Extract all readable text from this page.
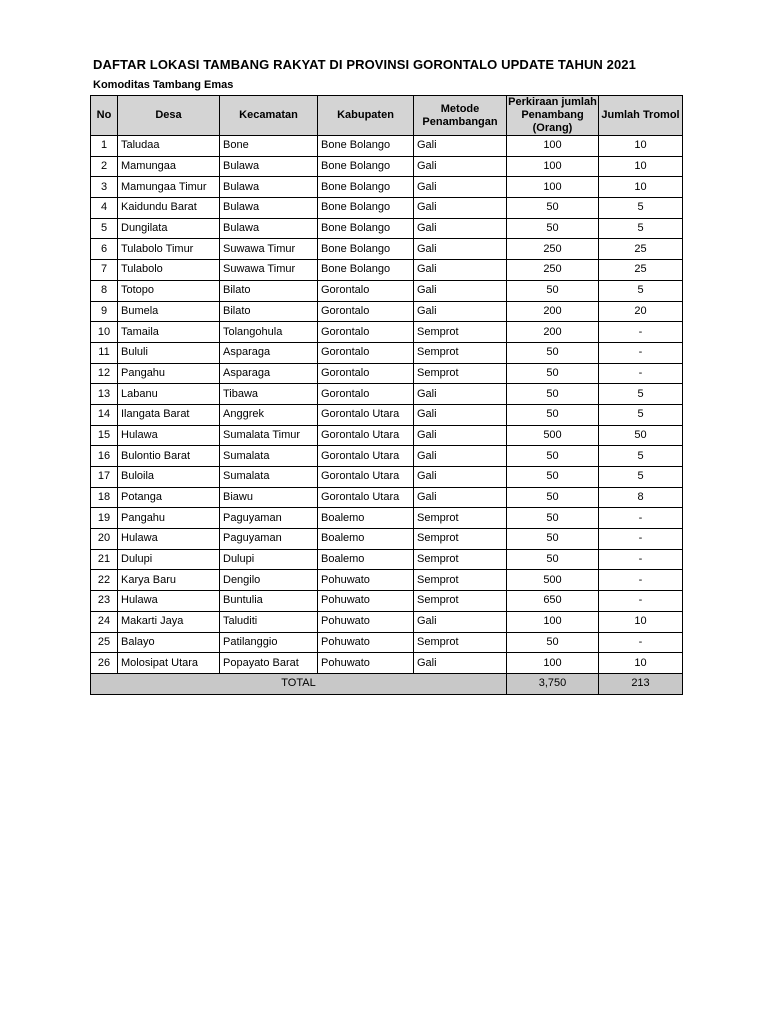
DAFTAR LOKASI TAMBANG RAKYAT DI PROVINSI GORONTALO UPDATE TAHUN 2021
Komoditas Tambang Emas
No	Desa	Kecamatan	Kabupaten	Metode Penambangan	Perkiraan jumlah Penambang (Orang)	Jumlah Tromol
1	Taludaa	Bone	Bone Bolango	Gali	100	10
2	Mamungaa	Bulawa	Bone Bolango	Gali	100	10
3	Mamungaa Timur	Bulawa	Bone Bolango	Gali	100	10
4	Kaidundu Barat	Bulawa	Bone Bolango	Gali	50	5
5	Dungilata	Bulawa	Bone Bolango	Gali	50	5
6	Tulabolo Timur	Suwawa Timur	Bone Bolango	Gali	250	25
7	Tulabolo	Suwawa Timur	Bone Bolango	Gali	250	25
8	Totopo	Bilato	Gorontalo	Gali	50	5
9	Bumela	Bilato	Gorontalo	Gali	200	20
10	Tamaila	Tolangohula	Gorontalo	Semprot	200	-
11	Bululi	Asparaga	Gorontalo	Semprot	50	-
12	Pangahu	Asparaga	Gorontalo	Semprot	50	-
13	Labanu	Tibawa	Gorontalo	Gali	50	5
14	Ilangata Barat	Anggrek	Gorontalo Utara	Gali	50	5
15	Hulawa	Sumalata Timur	Gorontalo Utara	Gali	500	50
16	Bulontio Barat	Sumalata	Gorontalo Utara	Gali	50	5
17	Buloila	Sumalata	Gorontalo Utara	Gali	50	5
18	Potanga	Biawu	Gorontalo Utara	Gali	50	8
19	Pangahu	Paguyaman	Boalemo	Semprot	50	-
20	Hulawa	Paguyaman	Boalemo	Semprot	50	-
21	Dulupi	Dulupi	Boalemo	Semprot	50	-
22	Karya Baru	Dengilo	Pohuwato	Semprot	500	-
23	Hulawa	Buntulia	Pohuwato	Semprot	650	-
24	Makarti Jaya	Taluditi	Pohuwato	Gali	100	10
25	Balayo	Patilanggio	Pohuwato	Semprot	50	-
26	Molosipat Utara	Popayato Barat	Pohuwato	Gali	100	10
TOTAL					3,750	213
